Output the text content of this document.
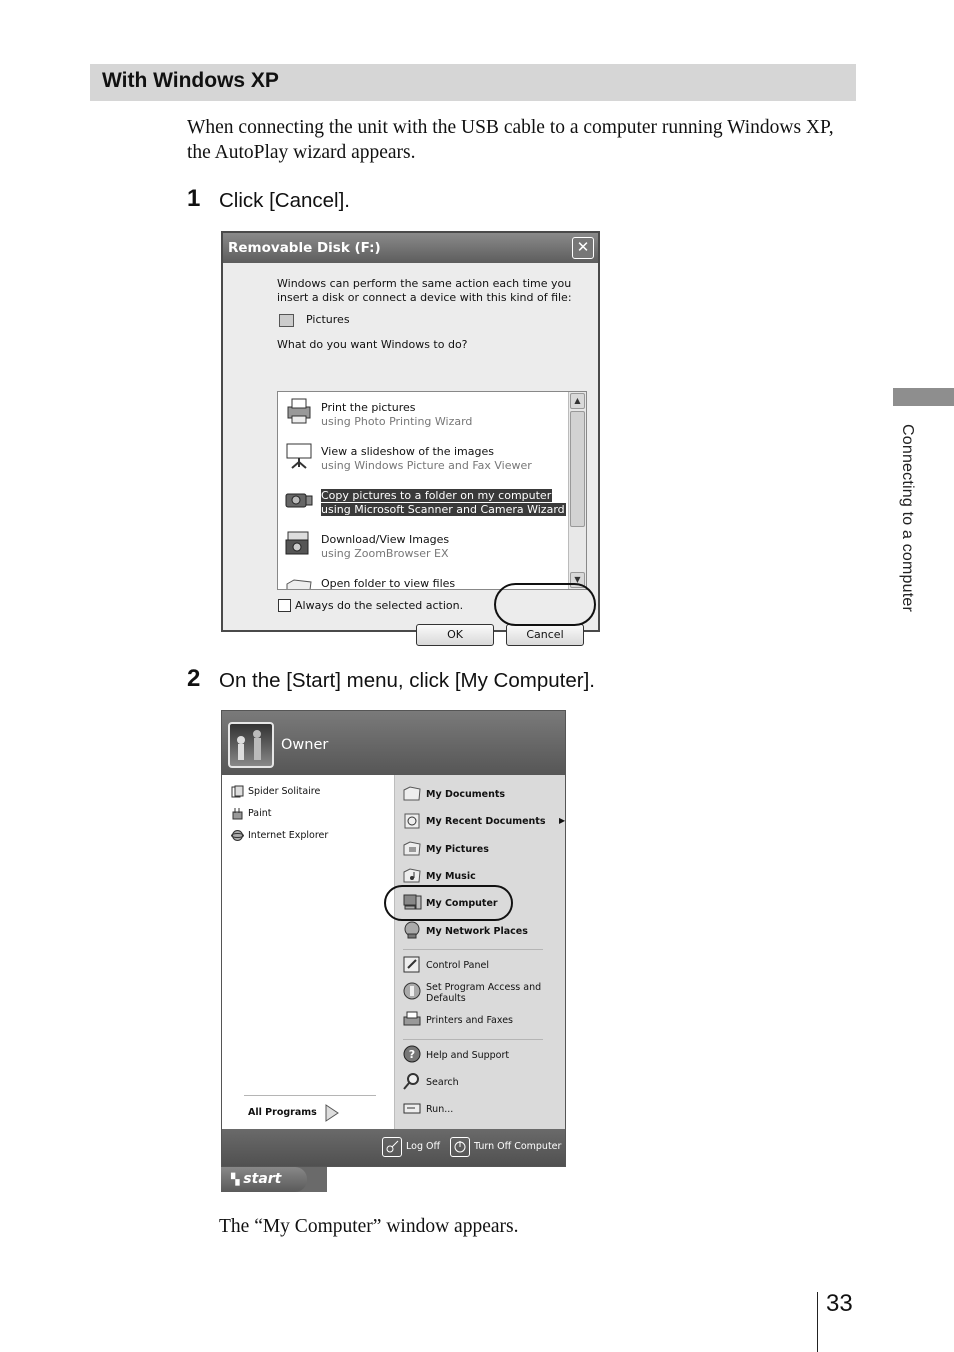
With Windows XP

When connecting the unit with the USB cable to a computer running Windows XP, the AutoPlay wizard appears.

1 Click [Cancel].
Removable Disk (F:)	✕
Windows can perform the same action each time you insert a disk or connect a device with this kind of file:
Pictures
What do you want Windows to do?
Print the pictures
using Photo Printing Wizard
View a slideshow of the images
using Windows Picture and Fax Viewer
Copy pictures to a folder on my computer
using Microsoft Scanner and Camera Wizard
Download/View Images
using ZoomBrowser EX
Open folder to view files
▲
▼
Always do the selected action.
OK	Cancel
2 On the [Start] menu, click [My Computer].
Owner
Spider Solitaire
Paint
Internet Explorer
All Programs
My Documents
My Recent Documents ▶
My Pictures
My Music
My Computer
My Network Places
Control Panel
Set Program Access and Defaults
Printers and Faxes
? Help and Support
Search
Run...
Log Off	Turn Off Computer
▚ start
The “My Computer” window appears.
Connecting to a computer
33
